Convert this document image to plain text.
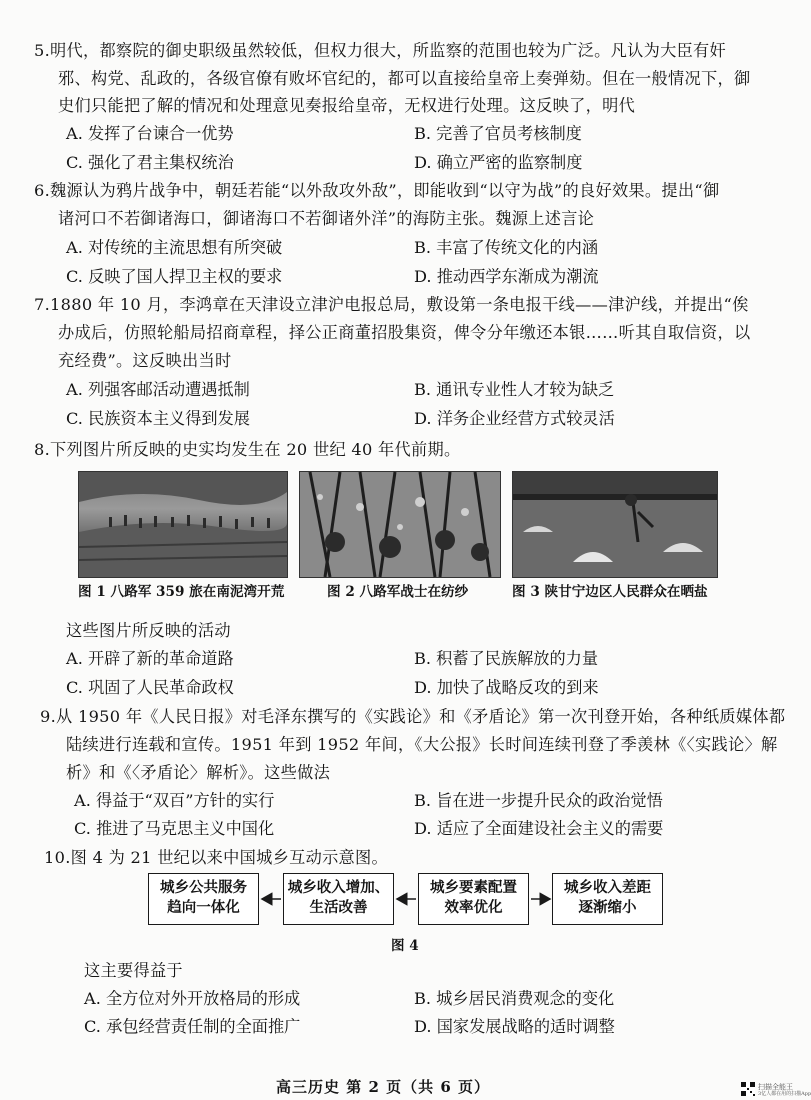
5.明代，都察院的御史职级虽然较低，但权力很大，所监察的范围也较为广泛。凡认为大臣有奸
邪、构党、乱政的，各级官僚有败坏官纪的，都可以直接给皇帝上奏弹劾。但在一般情况下，御
史们只能把了解的情况和处理意见奏报给皇帝，无权进行处理。这反映了，明代
A. 发挥了台谏合一优势	B. 完善了官员考核制度
C. 强化了君主集权统治	D. 确立严密的监察制度
6.魏源认为鸦片战争中，朝廷若能“以外敌攻外敌”，即能收到“以守为战”的良好效果。提出“御
诸河口不若御诸海口，御诸海口不若御诸外洋”的海防主张。魏源上述言论
A. 对传统的主流思想有所突破	B. 丰富了传统文化的内涵
C. 反映了国人捍卫主权的要求	D. 推动西学东渐成为潮流
7.1880 年 10 月，李鸿章在天津设立津沪电报总局，敷设第一条电报干线——津沪线，并提出“俟
办成后，仿照轮船局招商章程，择公正商董招股集资，俾令分年缴还本银……听其自取信资，以
充经费”。这反映出当时
A. 列强客邮活动遭遇抵制	B. 通讯专业性人才较为缺乏
C. 民族资本主义得到发展	D. 洋务企业经营方式较灵活
8.下列图片所反映的史实均发生在 20 世纪 40 年代前期。
图 1 八路军 359 旅在南泥湾开荒	图 2 八路军战士在纺纱	图 3 陕甘宁边区人民群众在晒盐
这些图片所反映的活动
A. 开辟了新的革命道路	B. 积蓄了民族解放的力量
C. 巩固了人民革命政权	D. 加快了战略反攻的到来
9.从 1950 年《人民日报》对毛泽东撰写的《实践论》和《矛盾论》第一次刊登开始，各种纸质媒体都
陆续进行连载和宣传。1951 年到 1952 年间，《大公报》长时间连续刊登了季羡林《〈实践论〉解
析》和《〈矛盾论〉解析》。这些做法
A. 得益于“双百”方针的实行	B. 旨在进一步提升民众的政治觉悟
C. 推进了马克思主义中国化	D. 适应了全面建设社会主义的需要
10.图 4 为 21 世纪以来中国城乡互动示意图。
城乡公共服务
趋向一体化
城乡收入增加、
生活改善
城乡要素配置
效率优化
城乡收入差距
逐渐缩小
图 4
这主要得益于
A. 全方位对外开放格局的形成	B. 城乡居民消费观念的变化
C. 承包经营责任制的全面推广	D. 国家发展战略的适时调整
高三历史 第 2 页（共 6 页）	扫描全能王
3亿人都在用的扫描App
